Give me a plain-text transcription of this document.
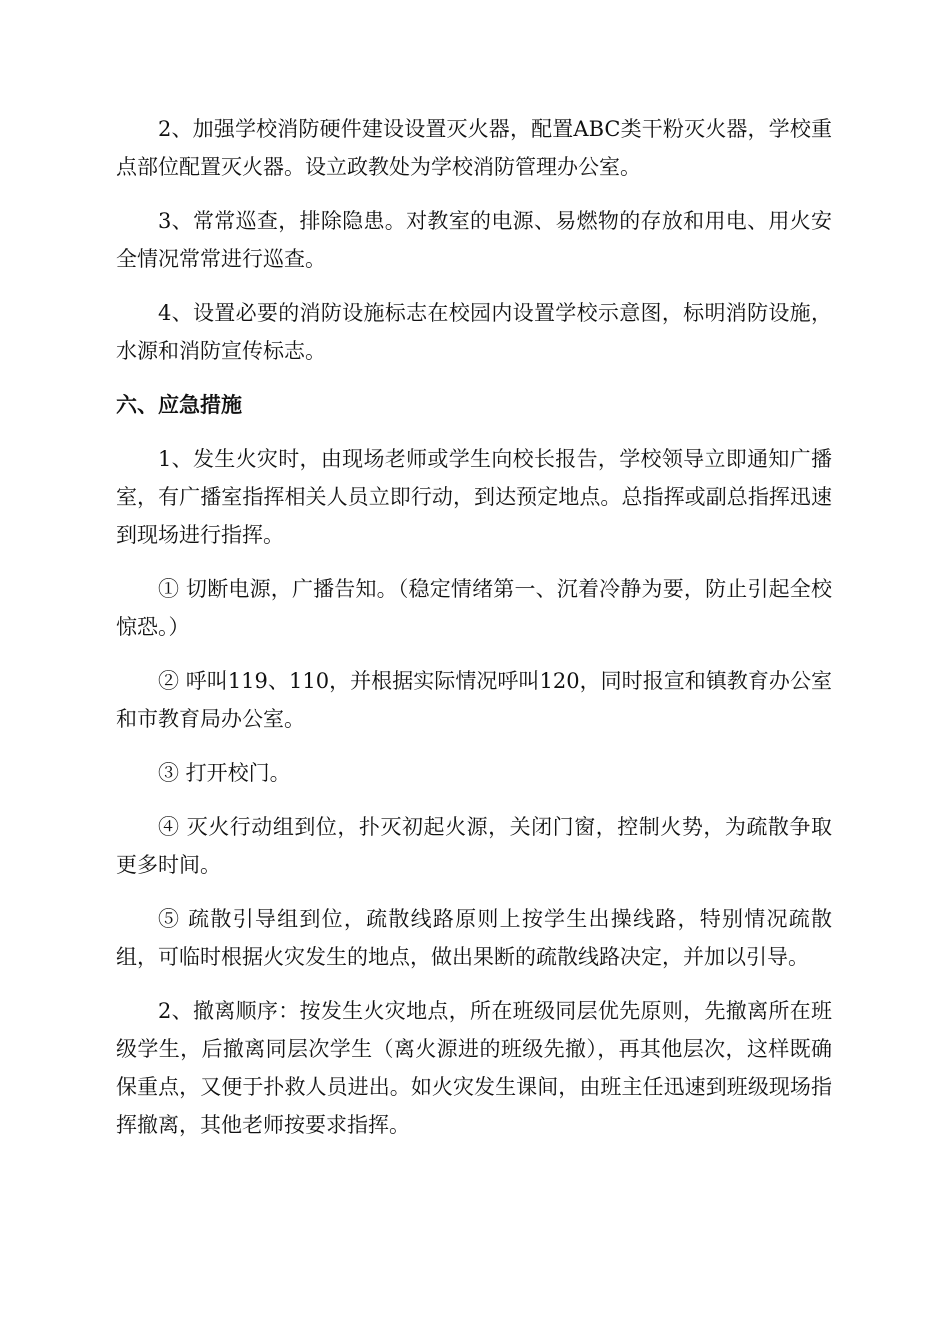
2、加强学校消防硬件建设设置灭火器，配置ABC类干粉灭火器，学校重点部位配置灭火器。设立政教处为学校消防管理办公室。

3、常常巡查，排除隐患。对教室的电源、易燃物的存放和用电、用火安全情况常常进行巡查。

4、设置必要的消防设施标志在校园内设置学校示意图，标明消防设施，水源和消防宣传标志。

六、应急措施

1、发生火灾时，由现场老师或学生向校长报告，学校领导立即通知广播室，有广播室指挥相关人员立即行动，到达预定地点。总指挥或副总指挥迅速到现场进行指挥。

① 切断电源，广播告知。（稳定情绪第一、沉着冷静为要，防止引起全校惊恐。）

② 呼叫119、110，并根据实际情况呼叫120，同时报宣和镇教育办公室和市教育局办公室。

③ 打开校门。

④ 灭火行动组到位，扑灭初起火源，关闭门窗，控制火势，为疏散争取更多时间。

⑤ 疏散引导组到位，疏散线路原则上按学生出操线路，特别情况疏散组，可临时根据火灾发生的地点，做出果断的疏散线路决定，并加以引导。

2、撤离顺序：按发生火灾地点，所在班级同层优先原则，先撤离所在班级学生，后撤离同层次学生（离火源进的班级先撤），再其他层次，这样既确保重点，又便于扑救人员进出。如火灾发生课间，由班主任迅速到班级现场指挥撤离，其他老师按要求指挥。
